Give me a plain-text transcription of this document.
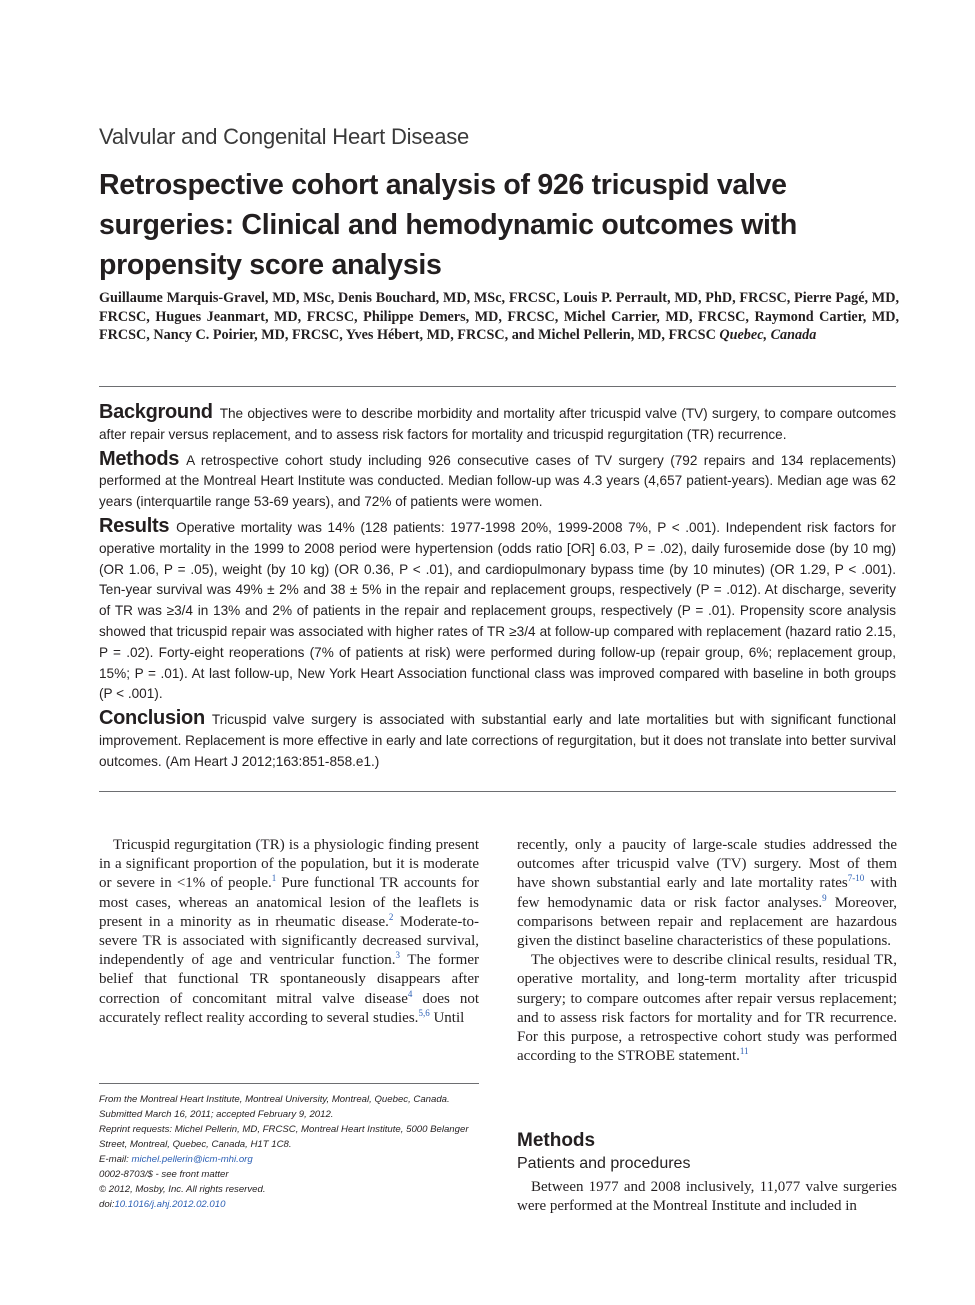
Valvular and Congenital Heart Disease
Retrospective cohort analysis of 926 tricuspid valve surgeries: Clinical and hemodynamic outcomes with propensity score analysis
Guillaume Marquis-Gravel, MD, MSc, Denis Bouchard, MD, MSc, FRCSC, Louis P. Perrault, MD, PhD, FRCSC, Pierre Pagé, MD, FRCSC, Hugues Jeanmart, MD, FRCSC, Philippe Demers, MD, FRCSC, Michel Carrier, MD, FRCSC, Raymond Cartier, MD, FRCSC, Nancy C. Poirier, MD, FRCSC, Yves Hébert, MD, FRCSC, and Michel Pellerin, MD, FRCSC Quebec, Canada

Background The objectives were to describe morbidity and mortality after tricuspid valve (TV) surgery, to compare outcomes after repair versus replacement, and to assess risk factors for mortality and tricuspid regurgitation (TR) recurrence.

Methods A retrospective cohort study including 926 consecutive cases of TV surgery (792 repairs and 134 replacements) performed at the Montreal Heart Institute was conducted. Median follow-up was 4.3 years (4,657 patient-years). Median age was 62 years (interquartile range 53-69 years), and 72% of patients were women.

Results Operative mortality was 14% (128 patients: 1977-1998 20%, 1999-2008 7%, P < .001). Independent risk factors for operative mortality in the 1999 to 2008 period were hypertension (odds ratio [OR] 6.03, P = .02), daily furosemide dose (by 10 mg) (OR 1.06, P = .05), weight (by 10 kg) (OR 0.36, P < .01), and cardiopulmonary bypass time (by 10 minutes) (OR 1.29, P < .001). Ten-year survival was 49% ± 2% and 38 ± 5% in the repair and replacement groups, respectively (P = .012). At discharge, severity of TR was ≥3/4 in 13% and 2% of patients in the repair and replacement groups, respectively (P = .01). Propensity score analysis showed that tricuspid repair was associated with higher rates of TR ≥3/4 at follow-up compared with replacement (hazard ratio 2.15, P = .02). Forty-eight reoperations (7% of patients at risk) were performed during follow-up (repair group, 6%; replacement group, 15%; P = .01). At last follow-up, New York Heart Association functional class was improved compared with baseline in both groups (P < .001).

Conclusion Tricuspid valve surgery is associated with substantial early and late mortalities but with significant functional improvement. Replacement is more effective in early and late corrections of regurgitation, but it does not translate into better survival outcomes. (Am Heart J 2012;163:851-858.e1.)

Tricuspid regurgitation (TR) is a physiologic finding present in a significant proportion of the population, but it is moderate or severe in <1% of people.$^1$ Pure functional TR accounts for most cases, whereas an anatomical lesion of the leaflets is present in a minority as in rheumatic disease.$^2$ Moderate-to-severe TR is associated with significantly decreased survival, independently of age and ventricular function.$^3$ The former belief that functional TR spontaneously disappears after correction of concomitant mitral valve disease$^4$ does not accurately reflect reality according to several studies.$^{5,6}$ Until

recently, only a paucity of large-scale studies addressed the outcomes after tricuspid valve (TV) surgery. Most of them have shown substantial early and late mortality rates$^{7-10}$ with few hemodynamic data or risk factor analyses.$^9$ Moreover, comparisons between repair and replacement are hazardous given the distinct baseline characteristics of these populations.

The objectives were to describe clinical results, residual TR, operative mortality, and long-term mortality after tricuspid surgery; to compare outcomes after repair versus replacement; and to assess risk factors for mortality and for TR recurrence. For this purpose, a retrospective cohort study was performed according to the STROBE statement.$^{11}$

Methods
Patients and procedures

Between 1977 and 2008 inclusively, 11,077 valve surgeries were performed at the Montreal Institute and included in

From the Montreal Heart Institute, Montreal University, Montreal, Quebec, Canada.
Submitted March 16, 2011; accepted February 9, 2012.
Reprint requests: Michel Pellerin, MD, FRCSC, Montreal Heart Institute, 5000 Belanger Street, Montreal, Quebec, Canada, H1T 1C8.
E-mail: michel.pellerin@icm-mhi.org
0002-8703/$ - see front matter
© 2012, Mosby, Inc. All rights reserved.
doi:10.1016/j.ahj.2012.02.010
